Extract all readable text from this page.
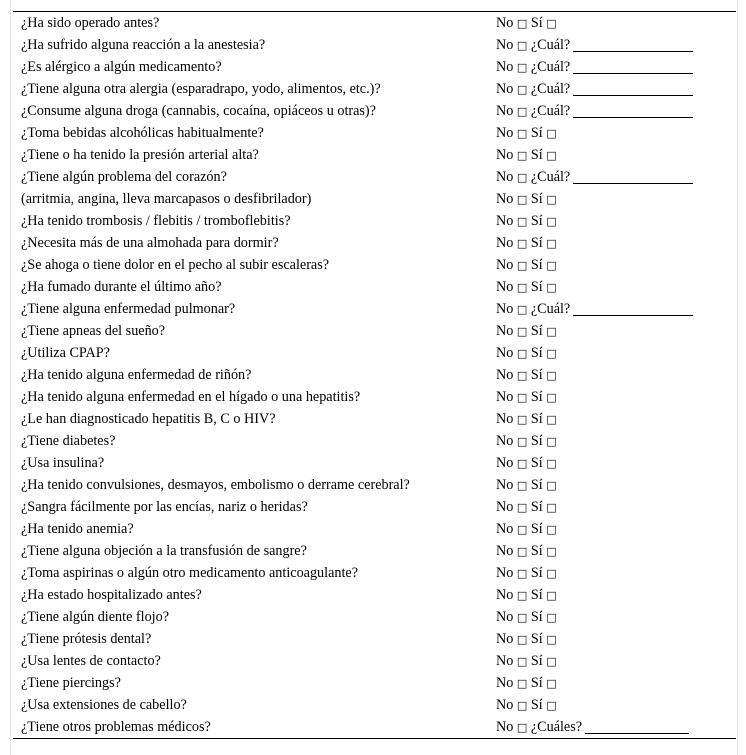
¿Ha sido operado antes?	No □ Sí □
¿Ha sufrido alguna reacción a la anestesia?	No □ ¿Cuál?
¿Es alérgico a algún medicamento?	No □ ¿Cuál?
¿Tiene alguna otra alergia (esparadrapo, yodo, alimentos, etc.)?	No □ ¿Cuál?
¿Consume alguna droga (cannabis, cocaína, opiáceos u otras)?	No □ ¿Cuál?
¿Toma bebidas alcohólicas habitualmente?	No □ Sí □
¿Tiene o ha tenido la presión arterial alta?	No □ Sí □
¿Tiene algún problema del corazón?	No □ ¿Cuál?
(arritmia, angina, lleva marcapasos o desfibrilador)	No □ Sí □
¿Ha tenido trombosis / flebitis / tromboflebitis?	No □ Sí □
¿Necesita más de una almohada para dormir?	No □ Sí □
¿Se ahoga o tiene dolor en el pecho al subir escaleras?	No □ Sí □
¿Ha fumado durante el último año?	No □ Sí □
¿Tiene alguna enfermedad pulmonar?	No □ ¿Cuál?
¿Tiene apneas del sueño?	No □ Sí □
¿Utiliza CPAP?	No □ Sí □
¿Ha tenido alguna enfermedad de riñón?	No □ Sí □
¿Ha tenido alguna enfermedad en el hígado o una hepatitis?	No □ Sí □
¿Le han diagnosticado hepatitis B, C o HIV?	No □ Sí □
¿Tiene diabetes?	No □ Sí □
¿Usa insulina?	No □ Sí □
¿Ha tenido convulsiones, desmayos, embolismo o derrame cerebral?	No □ Sí □
¿Sangra fácilmente por las encías, nariz o heridas?	No □ Sí □
¿Ha tenido anemia?	No □ Sí □
¿Tiene alguna objeción a la transfusión de sangre?	No □ Sí □
¿Toma aspirinas o algún otro medicamento anticoagulante?	No □ Sí □
¿Ha estado hospitalizado antes?	No □ Sí □
¿Tiene algún diente flojo?	No □ Sí □
¿Tiene prótesis dental?	No □ Sí □
¿Usa lentes de contacto?	No □ Sí □
¿Tiene piercings?	No □ Sí □
¿Usa extensiones de cabello?	No □ Sí □
¿Tiene otros problemas médicos?	No □ ¿Cuáles?
